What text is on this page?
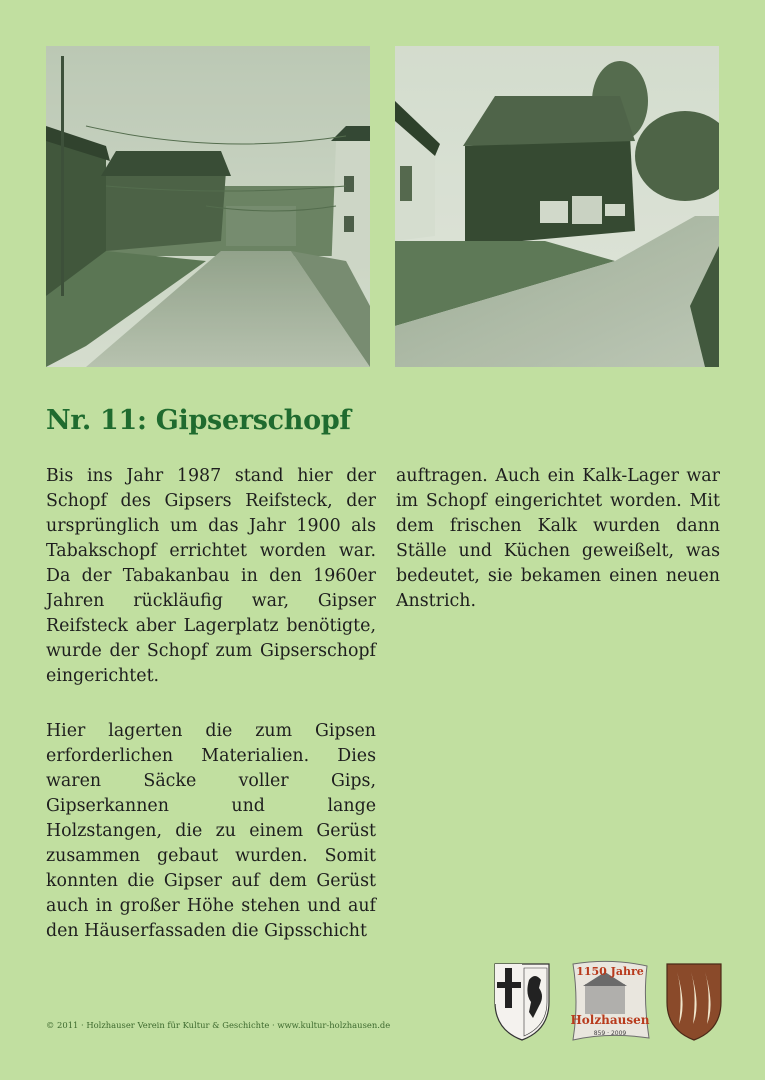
Nr. 11: Gipserschopf

Bis ins Jahr 1987 stand hier der Schopf des Gipsers Reifsteck, der ursprünglich um das Jahr 1900 als Tabakschopf errichtet worden war. Da der Tabakanbau in den 1960er Jahren rückläufig war, Gipser Reifsteck aber Lagerplatz benötigte, wurde der Schopf zum Gipserschopf eingerichtet.

Hier lagerten die zum Gipsen erforderlichen Materialien. Dies waren Säcke voller Gips, Gipserkannen und lange Holzstangen, die zu einem Gerüst zusammen gebaut wurden. Somit konnten die Gipser auf dem Gerüst auch in großer Höhe stehen und auf den Häuserfassaden die Gipsschicht

auftragen. Auch ein Kalk-Lager war im Schopf eingerichtet worden. Mit dem frischen Kalk wurden dann Ställe und Küchen geweißelt, was bedeutet, sie bekamen einen neuen Anstrich.

© 2011 · Holzhauser Verein für Kultur & Geschichte · www.kultur-holzhausen.de
1150 Jahre
Holzhausen
859 · 2009
